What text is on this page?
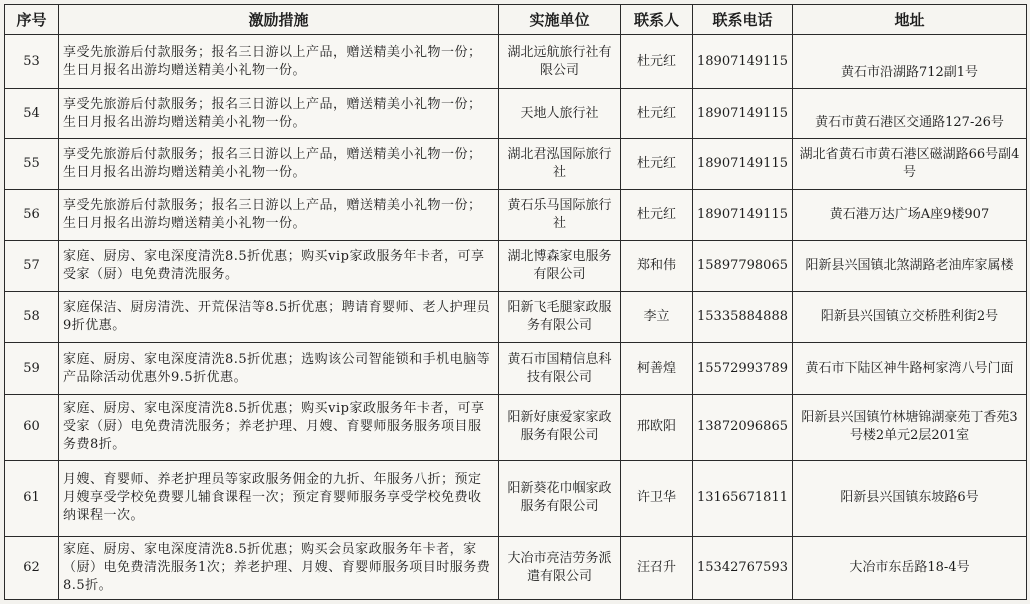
序号	激励措施	实施单位	联系人	联系电话	地址
53	享受先旅游后付款服务；报名三日游以上产品，赠送精美小礼物一份；生日月报名出游均赠送精美小礼物一份。	湖北远航旅行社有限公司	杜元红	18907149115	黄石市沿湖路712副1号
54	享受先旅游后付款服务；报名三日游以上产品，赠送精美小礼物一份；生日月报名出游均赠送精美小礼物一份。	天地人旅行社	杜元红	18907149115	黄石市黄石港区交通路127-26号
55	享受先旅游后付款服务；报名三日游以上产品，赠送精美小礼物一份；生日月报名出游均赠送精美小礼物一份。	湖北君泓国际旅行社	杜元红	18907149115	湖北省黄石市黄石港区磁湖路66号副4号
56	享受先旅游后付款服务；报名三日游以上产品，赠送精美小礼物一份；生日月报名出游均赠送精美小礼物一份。	黄石乐马国际旅行社	杜元红	18907149115	黄石港万达广场A座9楼907
57	家庭、厨房、家电深度清洗8.5折优惠；购买vip家政服务年卡者，可享受家（厨）电免费清洗服务。	湖北博森家电服务有限公司	郑和伟	15897798065	阳新县兴国镇北煞湖路老油库家属楼
58	家庭保洁、厨房清洗、开荒保洁等8.5折优惠；聘请育婴师、老人护理员9折优惠。	阳新飞毛腿家政服务有限公司	李立	15335884888	阳新县兴国镇立交桥胜利街2号
59	家庭、厨房、家电深度清洗8.5折优惠；选购该公司智能锁和手机电脑等产品除活动优惠外9.5折优惠。	黄石市国精信息科技有限公司	柯善煌	15572993789	黄石市下陆区神牛路柯家湾八号门面
60	家庭、厨房、家电深度清洗8.5折优惠；购买vip家政服务年卡者，可享受家（厨）电免费清洗服务；养老护理、月嫂、育婴师服务服务项目服务费8折。	阳新好康爱家家政服务有限公司	邢欧阳	13872096865	阳新县兴国镇竹林塘锦湖豪苑丁香苑3号楼2单元2层201室
61	月嫂、育婴师、养老护理员等家政服务佣金的九折、年服务八折；预定月嫂享受学校免费婴儿辅食课程一次；预定育婴师服务享受学校免费收纳课程一次。	阳新葵花巾帼家政服务有限公司	许卫华	13165671811	阳新县兴国镇东坡路6号
62	家庭、厨房、家电深度清洗8.5折优惠；购买会员家政服务年卡者，家（厨）电免费清洗服务1次；养老护理、月嫂、育婴师服务项目时服务费8.5折。	大冶市亮洁劳务派遣有限公司	汪召升	15342767593	大冶市东岳路18-4号
